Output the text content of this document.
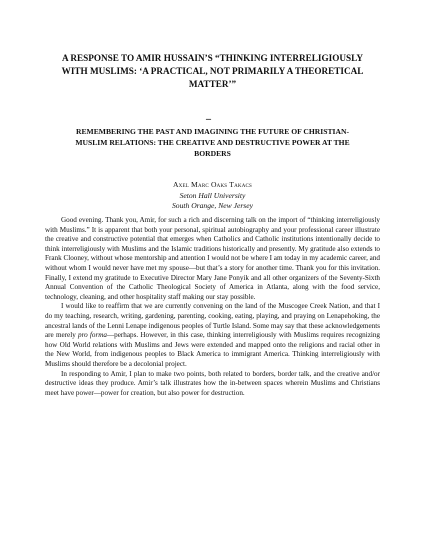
A RESPONSE TO AMIR HUSSAIN’S “THINKING INTERRELIGIOUSLY WITH MUSLIMS: ‘A PRACTICAL, NOT PRIMARILY A THEORETICAL MATTER’”
–
REMEMBERING THE PAST AND IMAGINING THE FUTURE OF CHRISTIAN-MUSLIM RELATIONS: THE CREATIVE AND DESTRUCTIVE POWER AT THE BORDERS
Axel Marc Oaks Takacs
Seton Hall University
South Orange, New Jersey

Good evening. Thank you, Amir, for such a rich and discerning talk on the import of “thinking interreligiously with Muslims.” It is apparent that both your personal, spiritual autobiography and your professional career illustrate the creative and constructive potential that emerges when Catholics and Catholic institutions intentionally decide to think interreligiously with Muslims and the Islamic traditions historically and presently. My gratitude also extends to Frank Clooney, without whose mentorship and attention I would not be where I am today in my academic career, and without whom I would never have met my spouse—but that’s a story for another time. Thank you for this invitation. Finally, I extend my gratitude to Executive Director Mary Jane Ponyik and all other organizers of the Seventy-Sixth Annual Convention of the Catholic Theological Society of America in Atlanta, along with the food service, technology, cleaning, and other hospitality staff making our stay possible.

I would like to reaffirm that we are currently convening on the land of the Muscogee Creek Nation, and that I do my teaching, research, writing, gardening, parenting, cooking, eating, playing, and praying on Lenapehoking, the ancestral lands of the Lenni Lenape indigenous peoples of Turtle Island. Some may say that these acknowledgements are merely pro forma—perhaps. However, in this case, thinking interreligiously with Muslims requires recognizing how Old World relations with Muslims and Jews were extended and mapped onto the religions and racial other in the New World, from indigenous peoples to Black America to immigrant America. Thinking interreligiously with Muslims should therefore be a decolonial project.

In responding to Amir, I plan to make two points, both related to borders, border talk, and the creative and/or destructive ideas they produce. Amir’s talk illustrates how the in-between spaces wherein Muslims and Christians meet have power—power for creation, but also power for destruction.
